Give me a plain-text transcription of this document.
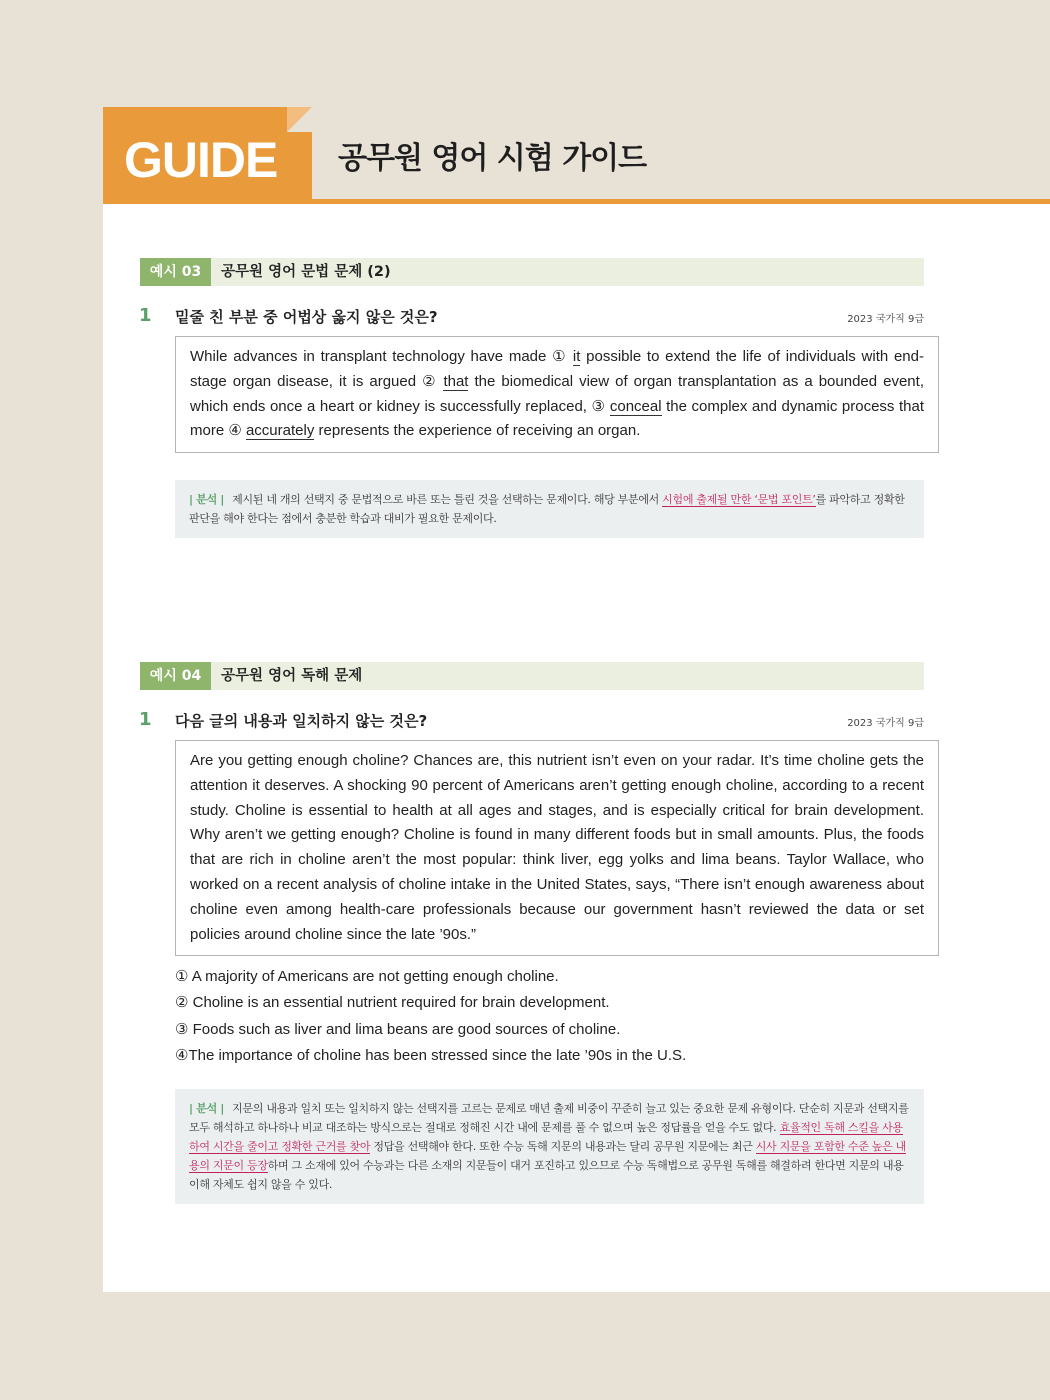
GUIDE 공무원 영어 시험 가이드
예시 03	공무원 영어 문법 문제 (2)
1 밑줄 친 부분 중 어법상 옳지 않은 것은?	2023 국가직 9급
While advances in transplant technology have made ① it possible to extend the life of individuals with end-stage organ disease, it is argued ② that the biomedical view of organ transplantation as a bounded event, which ends once a heart or kidney is successfully replaced, ③ conceal the complex and dynamic process that more ④ accurately represents the experience of receiving an organ.
| 분석 | 제시된 네 개의 선택지 중 문법적으로 바른 또는 틀린 것을 선택하는 문제이다. 해당 부분에서 시험에 출제될 만한 ‘문법 포인트’를 파악하고 정확한 판단을 해야 한다는 점에서 충분한 학습과 대비가 필요한 문제이다.
예시 04	공무원 영어 독해 문제
1 다음 글의 내용과 일치하지 않는 것은?	2023 국가직 9급
Are you getting enough choline? Chances are, this nutrient isn’t even on your radar. It’s time choline gets the attention it deserves. A shocking 90 percent of Americans aren’t getting enough choline, according to a recent study. Choline is essential to health at all ages and stages, and is especially critical for brain development. Why aren’t we getting enough? Choline is found in many different foods but in small amounts. Plus, the foods that are rich in choline aren’t the most popular: think liver, egg yolks and lima beans. Taylor Wallace, who worked on a recent analysis of choline intake in the United States, says, “There isn’t enough awareness about choline even among health-care professionals because our government hasn’t reviewed the data or set policies around choline since the late ’90s.”
① A majority of Americans are not getting enough choline.
② Choline is an essential nutrient required for brain development.
③ Foods such as liver and lima beans are good sources of choline.
④The importance of choline has been stressed since the late ’90s in the U.S.
| 분석 | 지문의 내용과 일치 또는 일치하지 않는 선택지를 고르는 문제로 매년 출제 비중이 꾸준히 늘고 있는 중요한 문제 유형이다. 단순히 지문과 선택지를 모두 해석하고 하나하나 비교 대조하는 방식으로는 절대로 정해진 시간 내에 문제를 풀 수 없으며 높은 정답률을 얻을 수도 없다. 효율적인 독해 스킬을 사용하여 시간을 줄이고 정확한 근거를 찾아 정답을 선택해야 한다. 또한 수능 독해 지문의 내용과는 달리 공무원 지문에는 최근 시사 지문을 포함한 수준 높은 내용의 지문이 등장하며 그 소재에 있어 수능과는 다른 소재의 지문들이 대거 포진하고 있으므로 수능 독해법으로 공무원 독해를 해결하려 한다면 지문의 내용 이해 자체도 쉽지 않을 수 있다.
